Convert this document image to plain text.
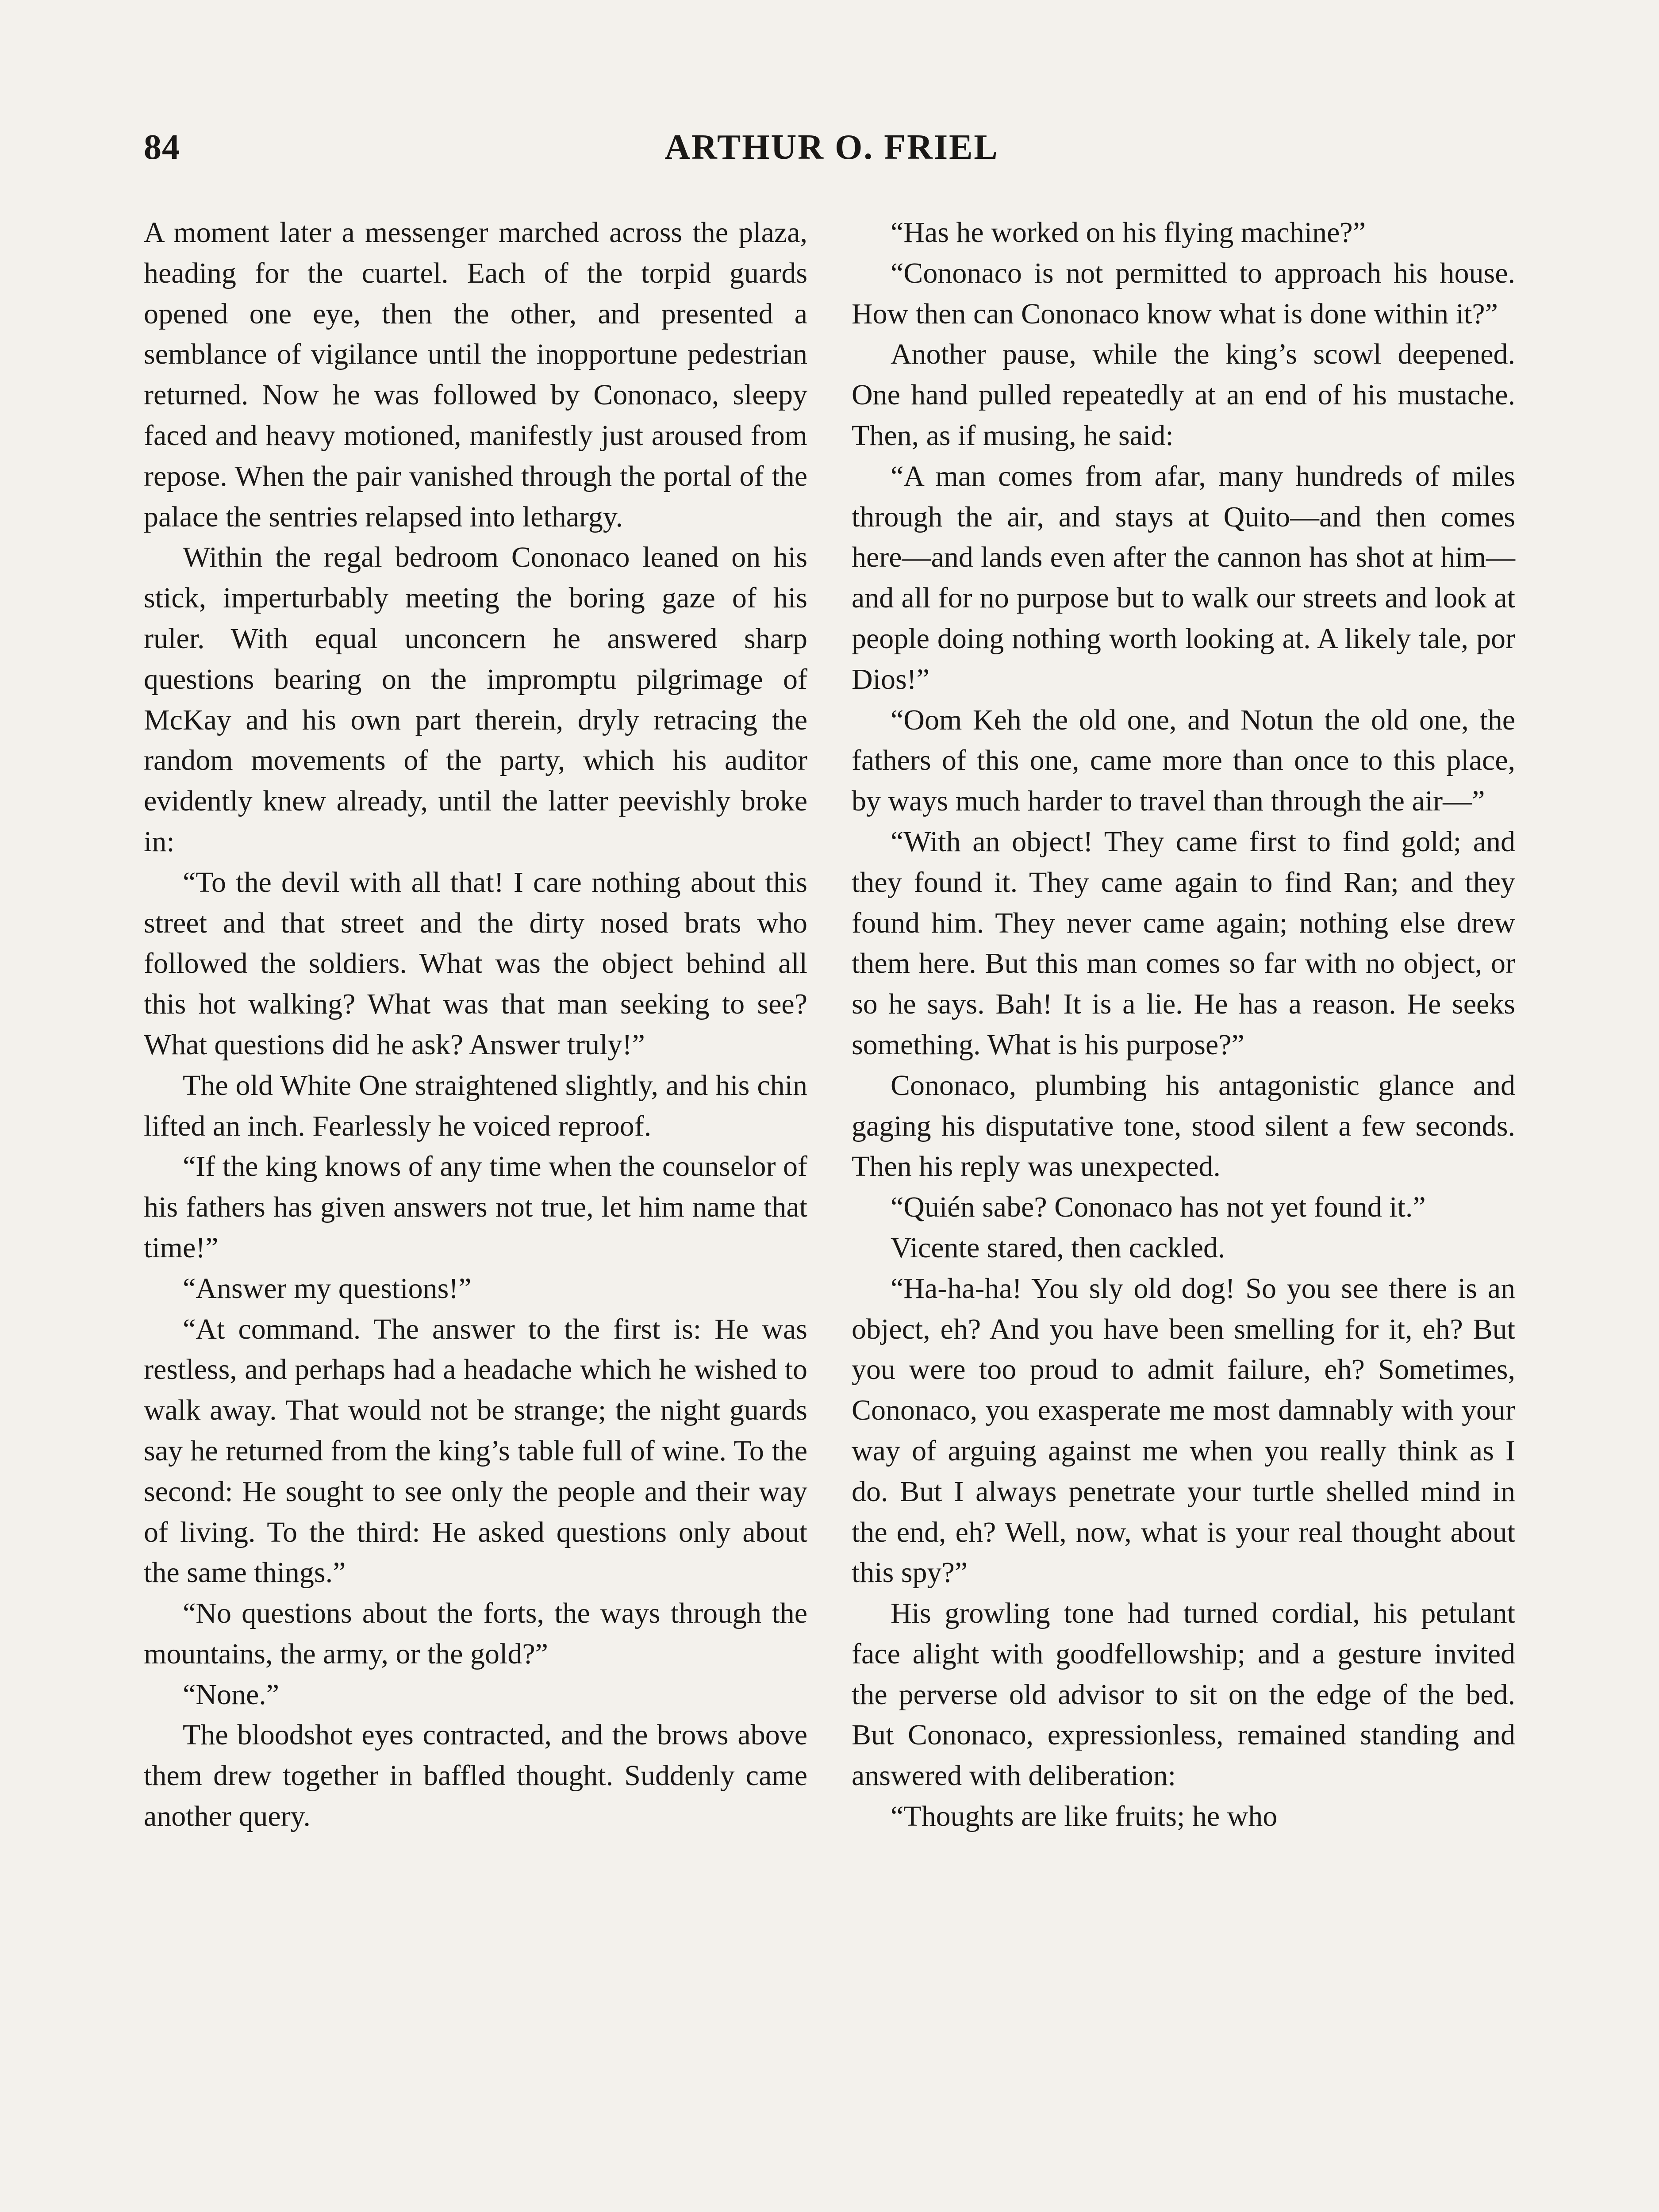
84	ARTHUR O. FRIEL

A moment later a messenger marched across the plaza, heading for the cuartel. Each of the torpid guards opened one eye, then the other, and presented a semblance of vigilance until the inopportune pedestrian returned. Now he was followed by Cononaco, sleepy faced and heavy motioned, manifestly just aroused from repose. When the pair vanished through the portal of the palace the sentries relapsed into lethargy.

Within the regal bedroom Cononaco leaned on his stick, imperturbably meeting the boring gaze of his ruler. With equal unconcern he answered sharp questions bearing on the impromptu pilgrimage of McKay and his own part therein, dryly retracing the random movements of the party, which his auditor evidently knew already, until the latter peevishly broke in:

“To the devil with all that! I care nothing about this street and that street and the dirty nosed brats who followed the soldiers. What was the object behind all this hot walking? What was that man seeking to see? What questions did he ask? Answer truly!”

The old White One straightened slightly, and his chin lifted an inch. Fearlessly he voiced reproof.

“If the king knows of any time when the counselor of his fathers has given answers not true, let him name that time!”

“Answer my questions!”

“At command. The answer to the first is: He was restless, and perhaps had a headache which he wished to walk away. That would not be strange; the night guards say he returned from the king’s table full of wine. To the second: He sought to see only the people and their way of living. To the third: He asked questions only about the same things.”

“No questions about the forts, the ways through the mountains, the army, or the gold?”

“None.”

The bloodshot eyes contracted, and the brows above them drew together in baffled thought. Suddenly came another query.

“Has he worked on his flying machine?”

“Cononaco is not permitted to approach his house. How then can Cononaco know what is done within it?”

Another pause, while the king’s scowl deepened. One hand pulled repeatedly at an end of his mustache. Then, as if musing, he said:

“A man comes from afar, many hundreds of miles through the air, and stays at Quito—and then comes here—and lands even after the cannon has shot at him—and all for no purpose but to walk our streets and look at people doing nothing worth looking at. A likely tale, por Dios!”

“Oom Keh the old one, and Notun the old one, the fathers of this one, came more than once to this place, by ways much harder to travel than through the air—”

“With an object! They came first to find gold; and they found it. They came again to find Ran; and they found him. They never came again; nothing else drew them here. But this man comes so far with no object, or so he says. Bah! It is a lie. He has a reason. He seeks something. What is his purpose?”

Cononaco, plumbing his antagonistic glance and gaging his disputative tone, stood silent a few seconds. Then his reply was unexpected.

“Quién sabe? Cononaco has not yet found it.”

Vicente stared, then cackled.

“Ha-ha-ha! You sly old dog! So you see there is an object, eh? And you have been smelling for it, eh? But you were too proud to admit failure, eh? Sometimes, Cononaco, you exasperate me most damnably with your way of arguing against me when you really think as I do. But I always penetrate your turtle shelled mind in the end, eh? Well, now, what is your real thought about this spy?”

His growling tone had turned cordial, his petulant face alight with goodfellowship; and a gesture invited the perverse old advisor to sit on the edge of the bed. But Cononaco, expressionless, remained standing and answered with deliberation:

“Thoughts are like fruits; he who
